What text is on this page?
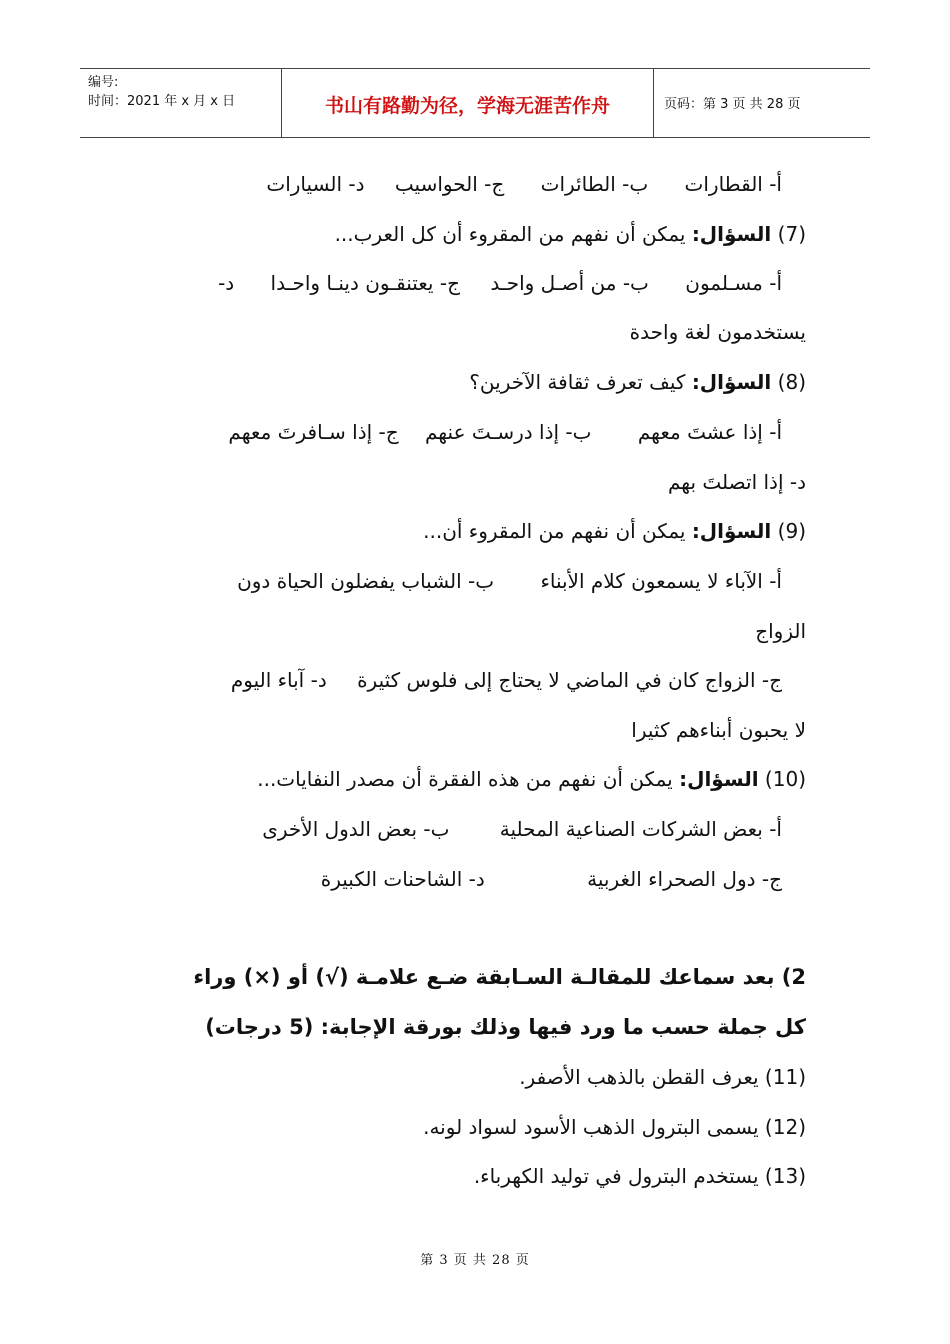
编号:
时间：2021 年 x 月 x 日	书山有路勤为径，学海无涯苦作舟	页码：第 3 页 共 28 页
أ- القطارات ب- الطائرات ج- الحواسيب د- السيارات
(7) السؤال: يمكن أن نفهم من المقروء أن كل العرب...
أ- مسـلمون ب- من أصـل واحـد ج- يعتنقـون دينـا واحـدا د-
يستخدمون لغة واحدة
(8) السؤال: كيف تعرف ثقافة الآخرين؟
أ- إذا عشتَ معهم ب- إذا درسـتَ عنهم ج- إذا سـافرتَ معهم
د- إذا اتصلتَ بهم
(9) السؤال: يمكن أن نفهم من المقروء أن...
أ- الآباء لا يسمعون كلام الأبناء ب- الشباب يفضلون الحياة دون
الزواج
ج- الزواج كان في الماضي لا يحتاج إلى فلوس كثيرة د- آباء اليوم
لا يحبون أبناءهم كثيرا
(10) السؤال: يمكن أن نفهم من هذه الفقرة أن مصدر النفايات...
أ- بعض الشركات الصناعية المحلية ب- بعض الدول الأخرى
ج- دول الصحراء الغربية د- الشاحنات الكبيرة
2) بعد سماعك للمقالـة السـابقة ضـع علامـة (√) أو (×) وراء
كل جملة حسب ما ورد فيها وذلك بورقة الإجابة: (5 درجات)
(11) يعرف القطن بالذهب الأصفر.
(12) يسمى البترول الذهب الأسود لسواد لونه.
(13) يستخدم البترول في توليد الكهرباء.
第 3 页 共 28 页
